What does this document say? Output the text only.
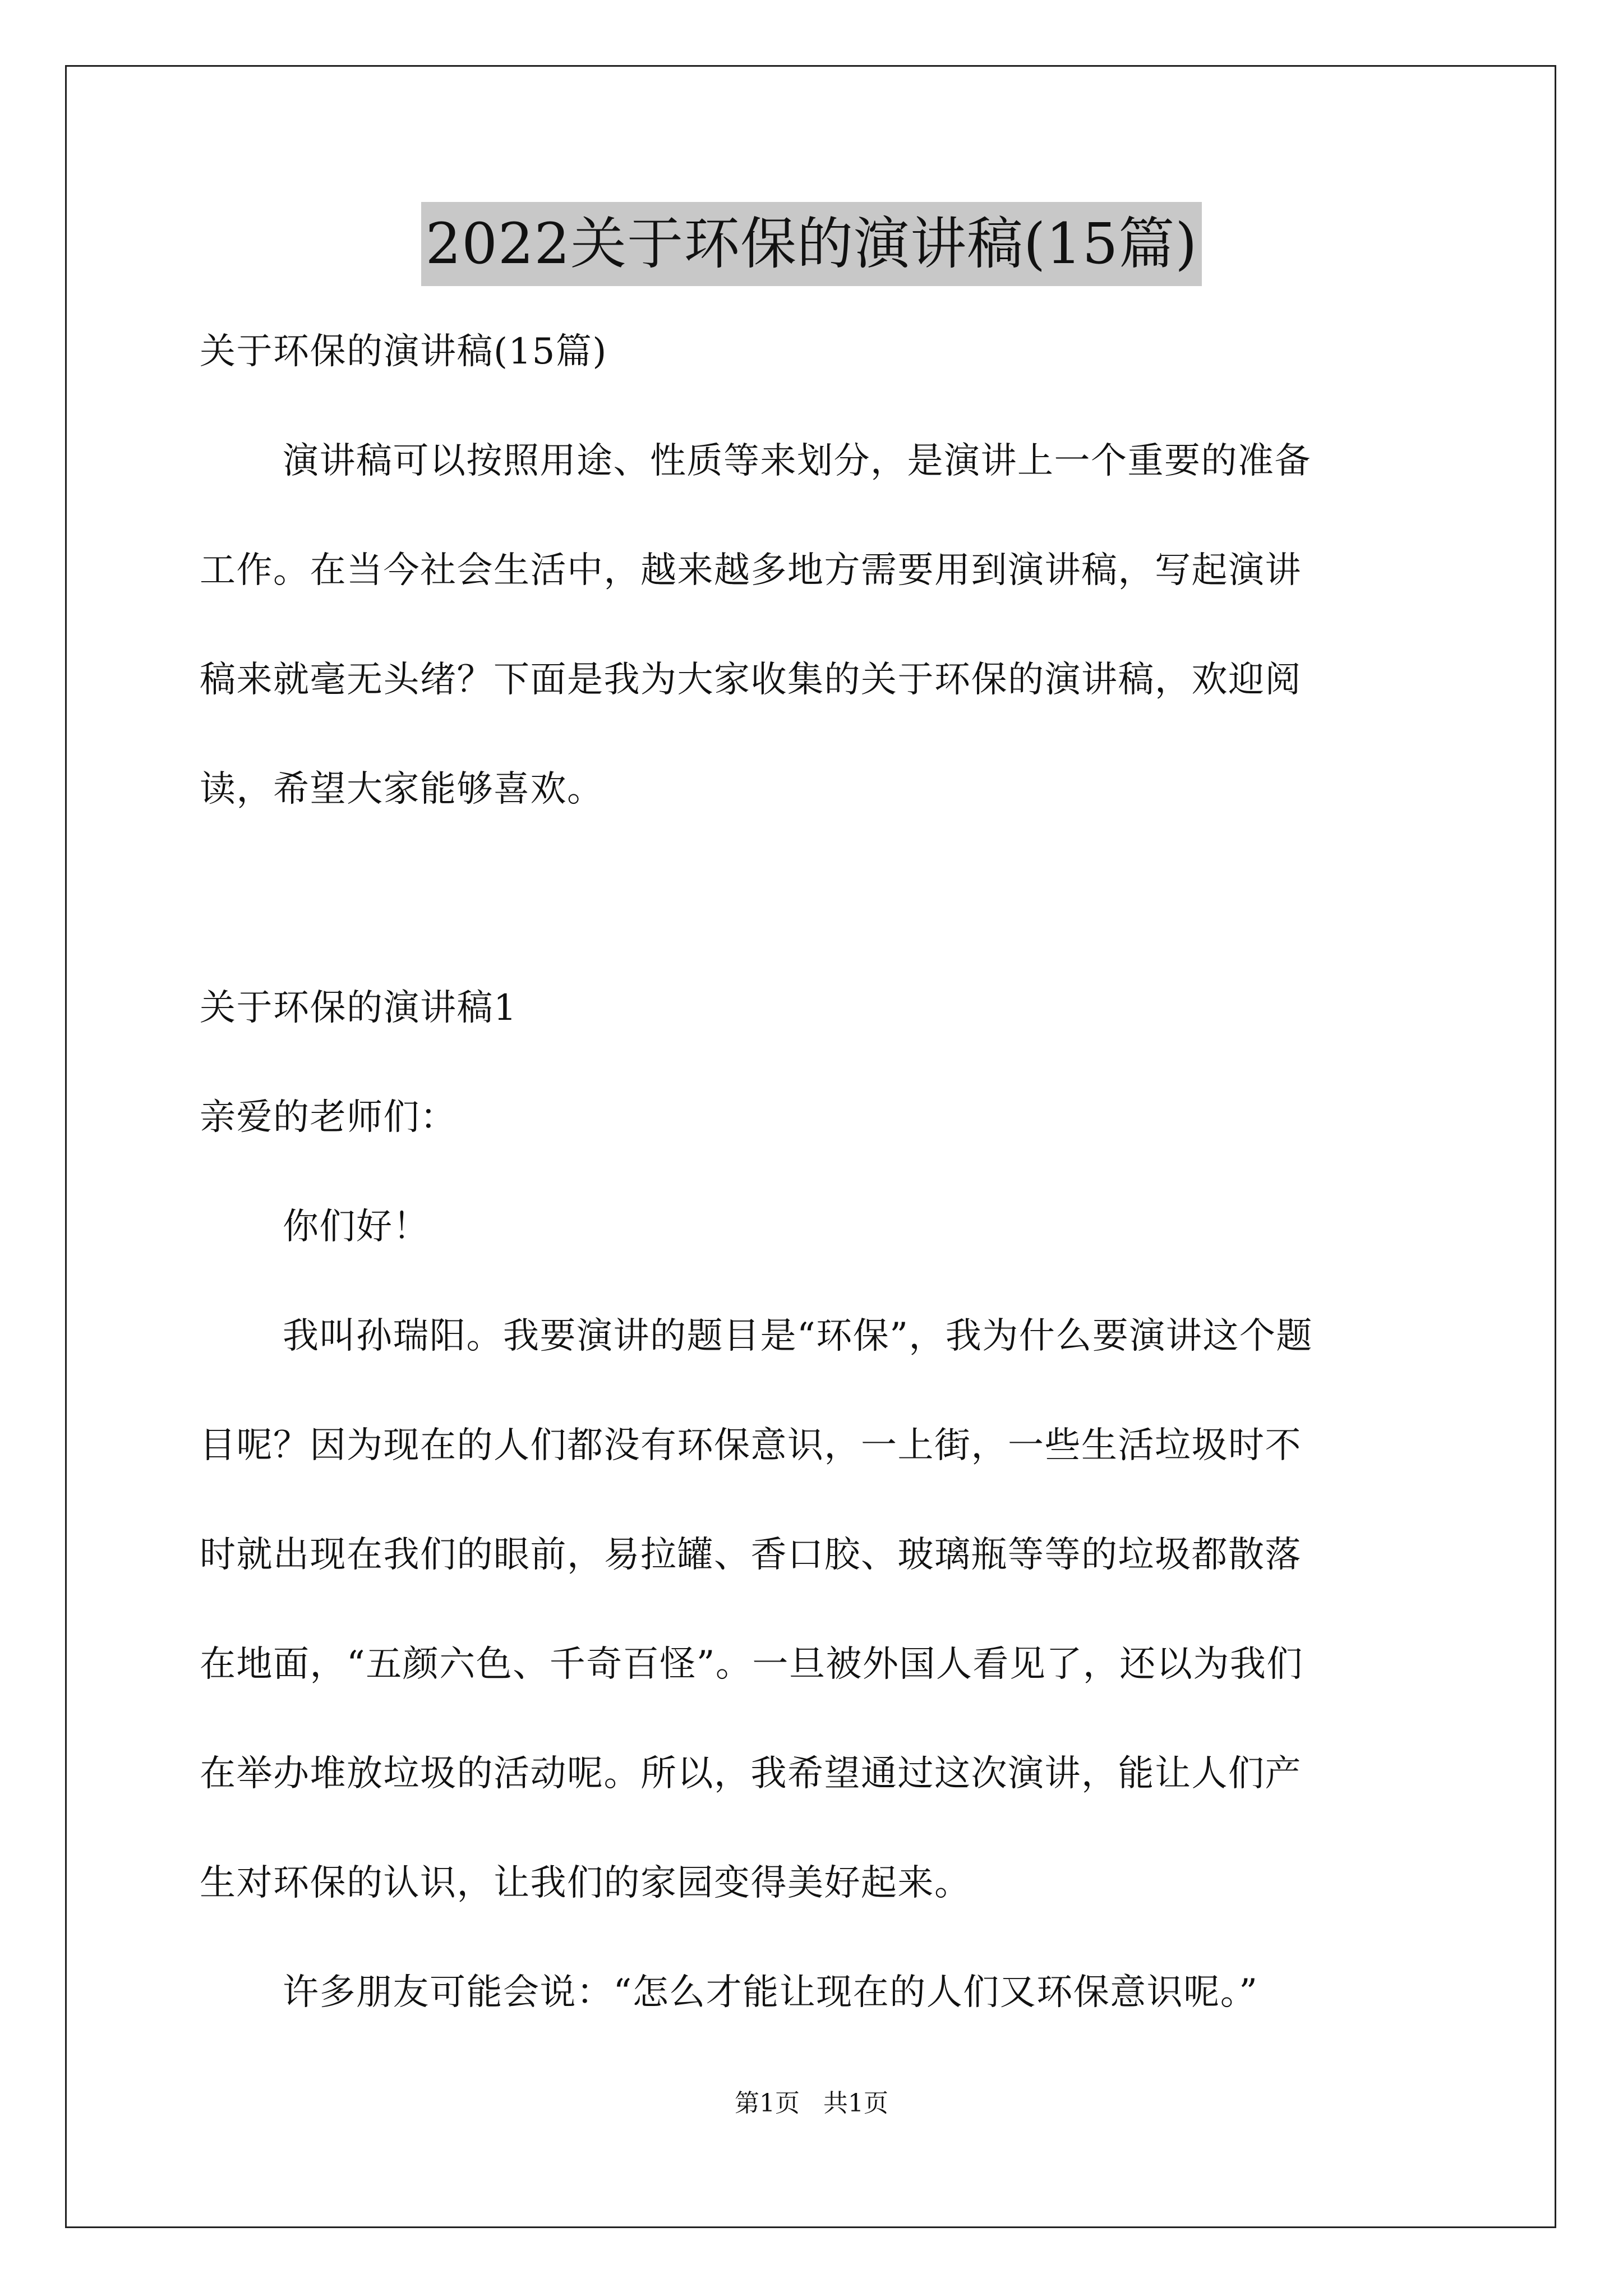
2022关于环保的演讲稿(15篇)

关于环保的演讲稿(15篇)

演讲稿可以按照用途、性质等来划分，是演讲上一个重要的准备

工作。在当今社会生活中，越来越多地方需要用到演讲稿，写起演讲
稿来就毫无头绪？下面是我为大家收集的关于环保的演讲稿，欢迎阅
读，希望大家能够喜欢。

关于环保的演讲稿1

亲爱的老师们：

你们好！

我叫孙瑞阳。我要演讲的题目是“环保”，我为什么要演讲这个题

目呢？因为现在的人们都没有环保意识，一上街，一些生活垃圾时不
时就出现在我们的眼前，易拉罐、香口胶、玻璃瓶等等的垃圾都散落
在地面，“五颜六色、千奇百怪”。一旦被外国人看见了，还以为我们
在举办堆放垃圾的活动呢。所以，我希望通过这次演讲，能让人们产
生对环保的认识，让我们的家园变得美好起来。

许多朋友可能会说：“怎么才能让现在的人们又环保意识呢。”

第1页   共1页
